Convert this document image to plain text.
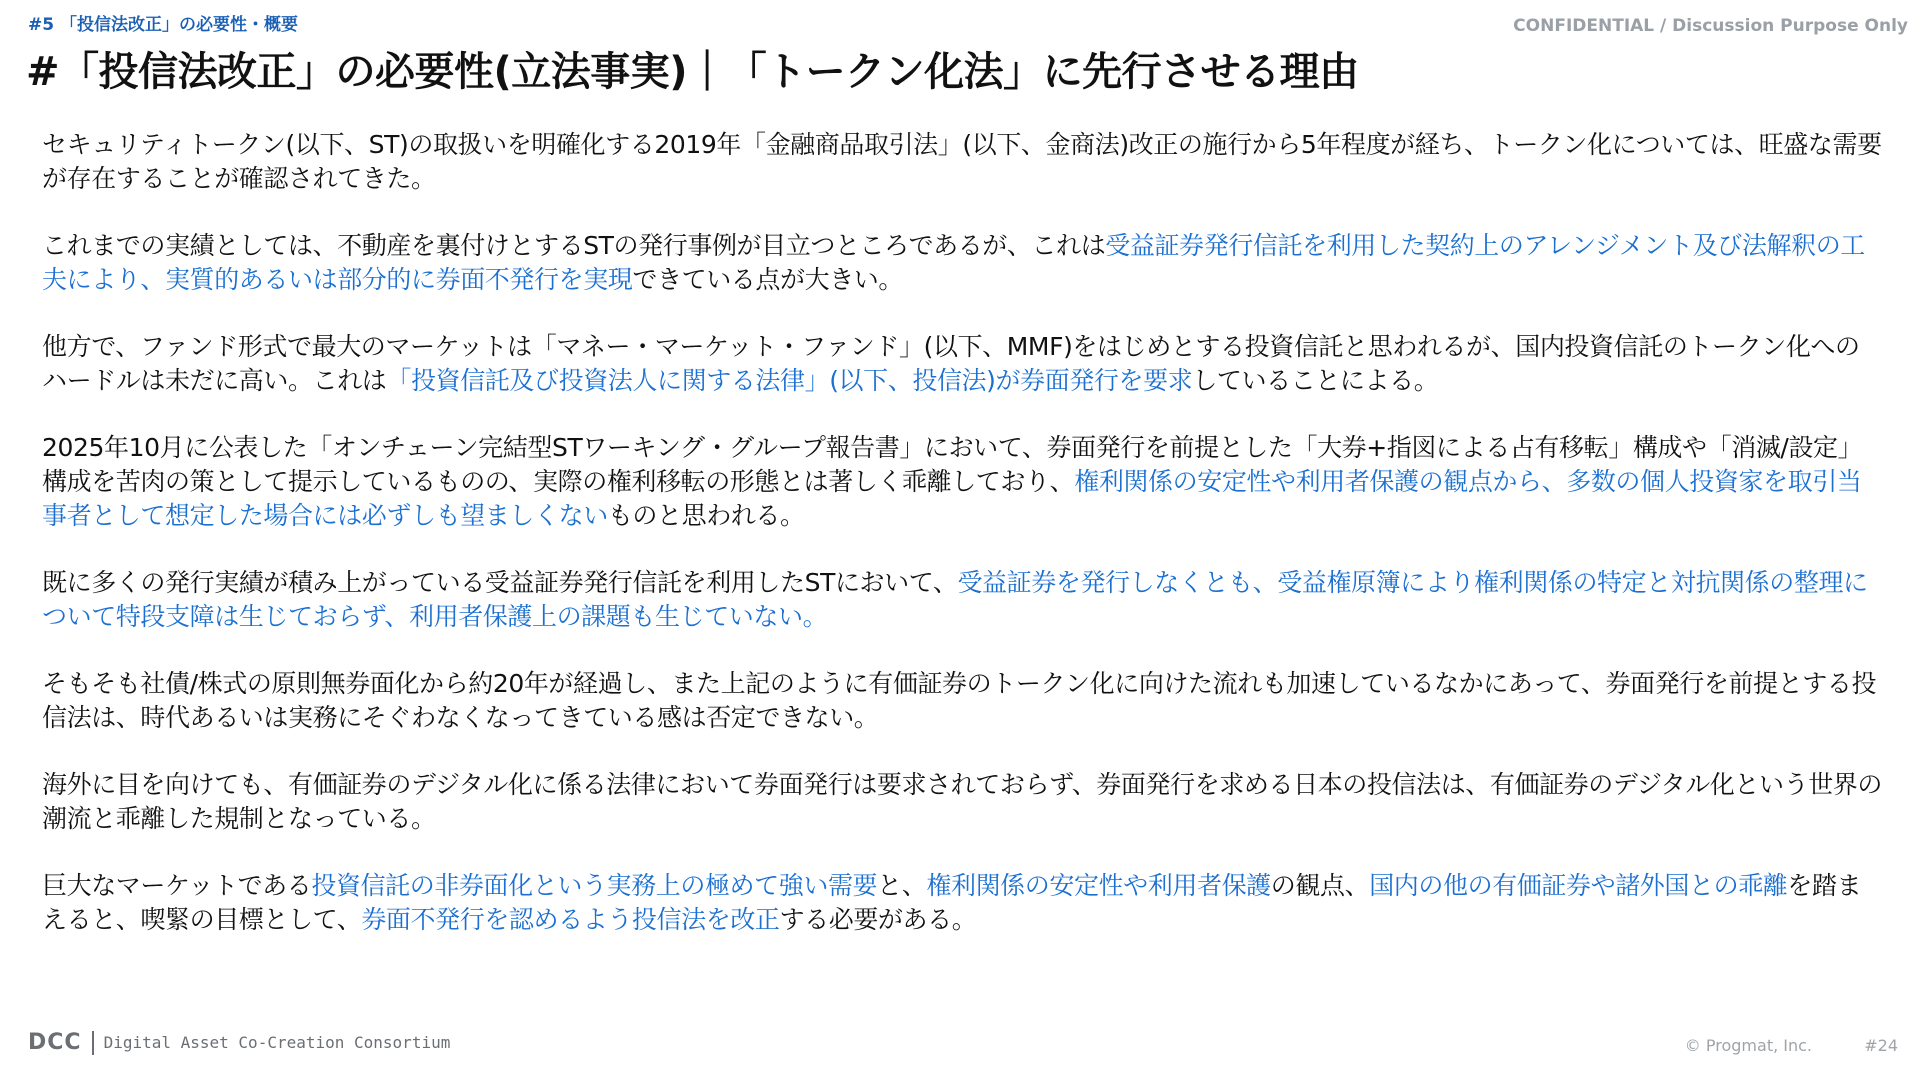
#5 「投信法改正」の必要性・概要	CONFIDENTIAL / Discussion Purpose Only
#「投信法改正」の必要性(立法事実)｜「トークン化法」に先行させる理由

セキュリティトークン(以下、ST)の取扱いを明確化する2019年「金融商品取引法」(以下、金商法)改正の施行から5年程度が経ち、トークン化については、旺盛な需要が存在することが確認されてきた。

これまでの実績としては、不動産を裏付けとするSTの発行事例が目立つところであるが、これは受益証券発行信託を利用した契約上のアレンジメント及び法解釈の工夫により、実質的あるいは部分的に券面不発行を実現できている点が大きい。

他方で、ファンド形式で最大のマーケットは「マネー・マーケット・ファンド」(以下、MMF)をはじめとする投資信託と思われるが、国内投資信託のトークン化へのハードルは未だに高い。これは「投資信託及び投資法人に関する法律」(以下、投信法)が券面発行を要求していることによる。

2025年10月に公表した「オンチェーン完結型STワーキング・グループ報告書」において、券面発行を前提とした「大券+指図による占有移転」構成や「消滅/設定」構成を苦肉の策として提示しているものの、実際の権利移転の形態とは著しく乖離しており、権利関係の安定性や利用者保護の観点から、多数の個人投資家を取引当事者として想定した場合には必ずしも望ましくないものと思われる。

既に多くの発行実績が積み上がっている受益証券発行信託を利用したSTにおいて、受益証券を発行しなくとも、受益権原簿により権利関係の特定と対抗関係の整理について特段支障は生じておらず、利用者保護上の課題も生じていない。

そもそも社債/株式の原則無券面化から約20年が経過し、また上記のように有価証券のトークン化に向けた流れも加速しているなかにあって、券面発行を前提とする投信法は、時代あるいは実務にそぐわなくなってきている感は否定できない。

海外に目を向けても、有価証券のデジタル化に係る法律において券面発行は要求されておらず、券面発行を求める日本の投信法は、有価証券のデジタル化という世界の潮流と乖離した規制となっている。

巨大なマーケットである投資信託の非券面化という実務上の極めて強い需要と、権利関係の安定性や利用者保護の観点、国内の他の有価証券や諸外国との乖離を踏まえると、喫緊の目標として、券面不発行を認めるよう投信法を改正する必要がある。

DCC Digital Asset Co-Creation Consortium	© Progmat, Inc.	#24
